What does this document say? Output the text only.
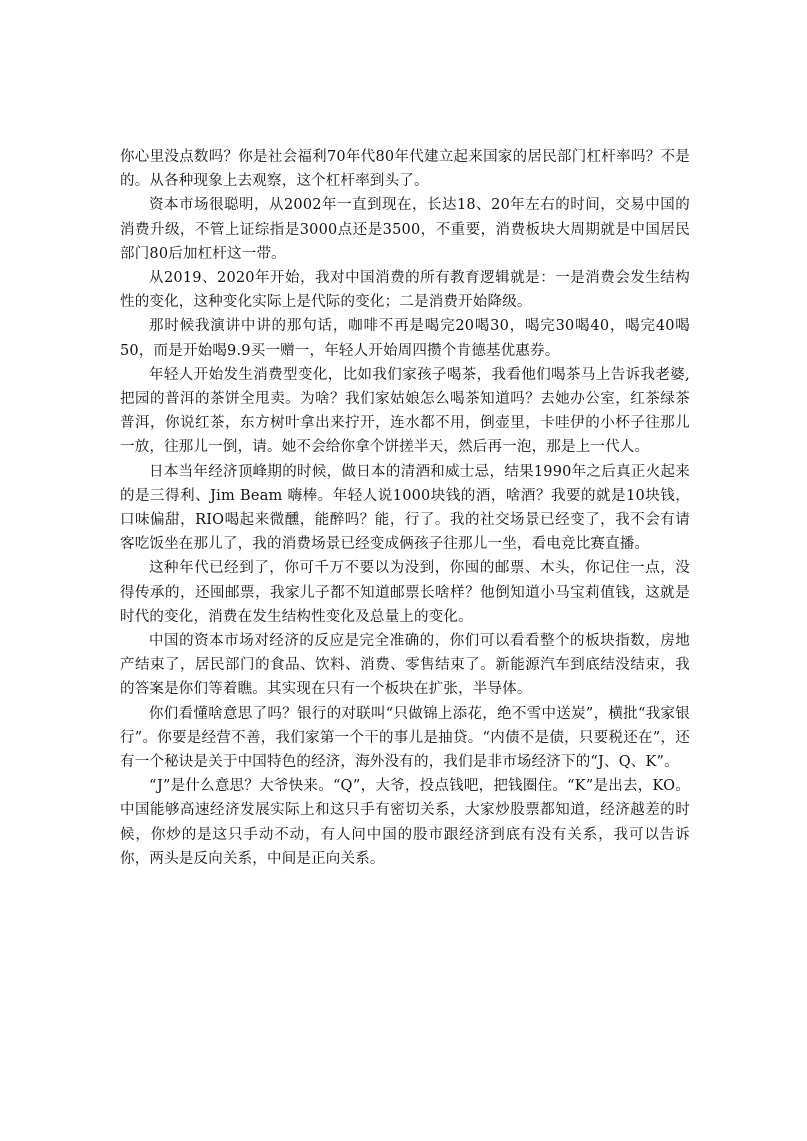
你心里没点数吗？你是社会福利70年代80年代建立起来国家的居民部门杠杆率吗？不是的。从各种现象上去观察，这个杠杆率到头了。

资本市场很聪明，从2002年一直到现在，长达18、20年左右的时间，交易中国的消费升级，不管上证综指是3000点还是3500，不重要，消费板块大周期就是中国居民部门80后加杠杆这一带。

从2019、2020年开始，我对中国消费的所有教育逻辑就是：一是消费会发生结构性的变化，这种变化实际上是代际的变化；二是消费开始降级。

那时候我演讲中讲的那句话，咖啡不再是喝完20喝30，喝完30喝40，喝完40喝50，而是开始喝9.9买一赠一，年轻人开始周四攒个肯德基优惠券。

年轻人开始发生消费型变化，比如我们家孩子喝茶，我看他们喝茶马上告诉我老婆,把园的普洱的茶饼全甩卖。为啥？我们家姑娘怎么喝茶知道吗？去她办公室，红茶绿茶普洱，你说红茶，东方树叶拿出来拧开，连水都不用，倒壶里，卡哇伊的小杯子往那儿一放，往那儿一倒，请。她不会给你拿个饼搓半天，然后再一泡，那是上一代人。

日本当年经济顶峰期的时候，做日本的清酒和威士忌，结果1990年之后真正火起来的是三得利、Jim Beam 嗨棒。年轻人说1000块钱的酒，啥酒？我要的就是10块钱，口味偏甜，RIO喝起来微醺，能醉吗？能，行了。我的社交场景已经变了，我不会有请客吃饭坐在那儿了，我的消费场景已经变成俩孩子往那儿一坐，看电竞比赛直播。

这种年代已经到了，你可千万不要以为没到，你囤的邮票、木头，你记住一点，没得传承的，还囤邮票，我家儿子都不知道邮票长啥样？他倒知道小马宝莉值钱，这就是时代的变化，消费在发生结构性变化及总量上的变化。

中国的资本市场对经济的反应是完全准确的，你们可以看看整个的板块指数，房地产结束了，居民部门的食品、饮料、消费、零售结束了。新能源汽车到底结没结束，我的答案是你们等着瞧。其实现在只有一个板块在扩张，半导体。

你们看懂啥意思了吗？银行的对联叫“只做锦上添花，绝不雪中送炭”，横批“我家银行”。你要是经营不善，我们家第一个干的事儿是抽贷。“内债不是债，只要税还在”，还有一个秘诀是关于中国特色的经济，海外没有的，我们是非市场经济下的“J、Q、K”。

“J”是什么意思？大爷快来。“Q”，大爷，投点钱吧，把钱圈住。“K”是出去，KO。中国能够高速经济发展实际上和这只手有密切关系，大家炒股票都知道，经济越差的时候，你炒的是这只手动不动，有人问中国的股市跟经济到底有没有关系，我可以告诉你，两头是反向关系，中间是正向关系。
